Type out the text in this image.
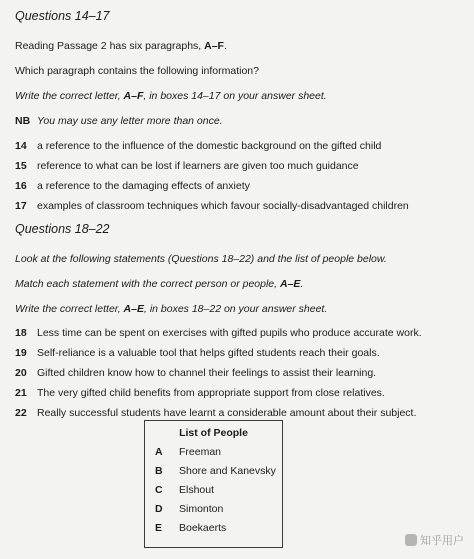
Questions 14–17

Reading Passage 2 has six paragraphs, A–F.

Which paragraph contains the following information?

Write the correct letter, A–F, in boxes 14–17 on your answer sheet.

NB You may use any letter more than once.
14 a reference to the influence of the domestic background on the gifted child
15 reference to what can be lost if learners are given too much guidance
16 a reference to the damaging effects of anxiety
17 examples of classroom techniques which favour socially-disadvantaged children
Questions 18–22

Look at the following statements (Questions 18–22) and the list of people below.

Match each statement with the correct person or people, A–E.

Write the correct letter, A–E, in boxes 18–22 on your answer sheet.

18 Less time can be spent on exercises with gifted pupils who produce accurate work.
19 Self-reliance is a valuable tool that helps gifted students reach their goals.
20 Gifted children know how to channel their feelings to assist their learning.
21 The very gifted child benefits from appropriate support from close relatives.
22 Really successful students have learnt a considerable amount about their subject.
List of People
A	Freeman
B	Shore and Kanevsky
C	Elshout
D	Simonton
E	Boekaerts
知乎用户
